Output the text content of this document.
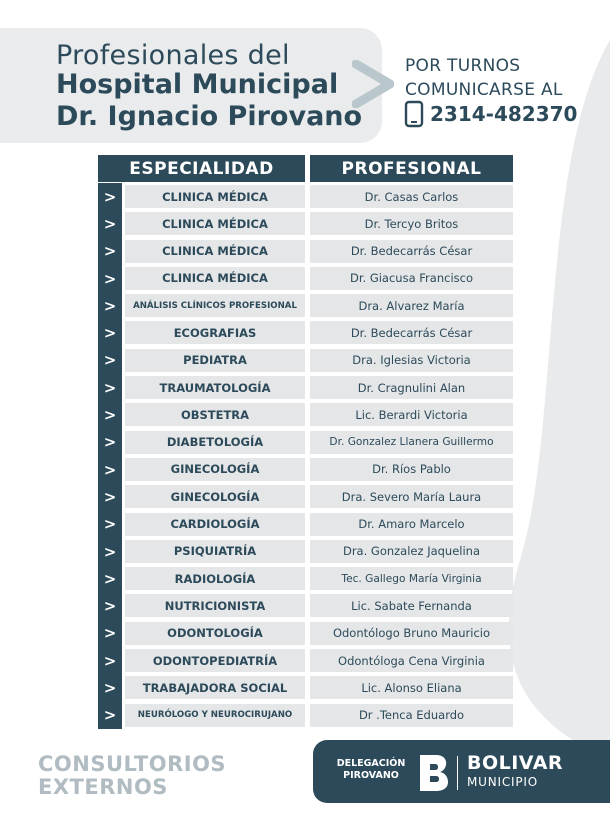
Profesionales del
Hospital Municipal
Dr. Ignacio Pirovano
POR TURNOS
COMUNICARSE AL
2314-482370
ESPECIALIDAD	PROFESIONAL
>	CLINICA MÉDICA	Dr. Casas Carlos
>	CLINICA MÉDICA	Dr. Tercyo Britos
>	CLINICA MÉDICA	Dr. Bedecarrás César
>	CLINICA MÉDICA	Dr. Giacusa Francisco
>	ANÁLISIS CLÍNICOS PROFESIONAL	Dra. Alvarez María
>	ECOGRAFIAS	Dr. Bedecarrás César
>	PEDIATRA	Dra. Iglesias Victoria
>	TRAUMATOLOGÍA	Dr. Cragnulini Alan
>	OBSTETRA	Lic. Berardi Victoria
>	DIABETOLOGÍA	Dr. Gonzalez Llanera Guillermo
>	GINECOLOGÍA	Dr. Ríos Pablo
>	GINECOLOGÍA	Dra. Severo María Laura
>	CARDIOLOGÍA	Dr. Amaro Marcelo
>	PSIQUIATRÍA	Dra. Gonzalez Jaquelina
>	RADIOLOGÍA	Tec. Gallego María Virginia
>	NUTRICIONISTA	Lic. Sabate Fernanda
>	ODONTOLOGÍA	Odontólogo Bruno Mauricio
>	ODONTOPEDIATRÍA	Odontóloga Cena Virginia
>	TRABAJADORA SOCIAL	Lic. Alonso Eliana
>	NEURÓLOGO Y NEUROCIRUJANO	Dr .Tenca Eduardo
CONSULTORIOS
EXTERNOS
DELEGACIÓN
PIROVANO
BOLIVAR
MUNICIPIO
